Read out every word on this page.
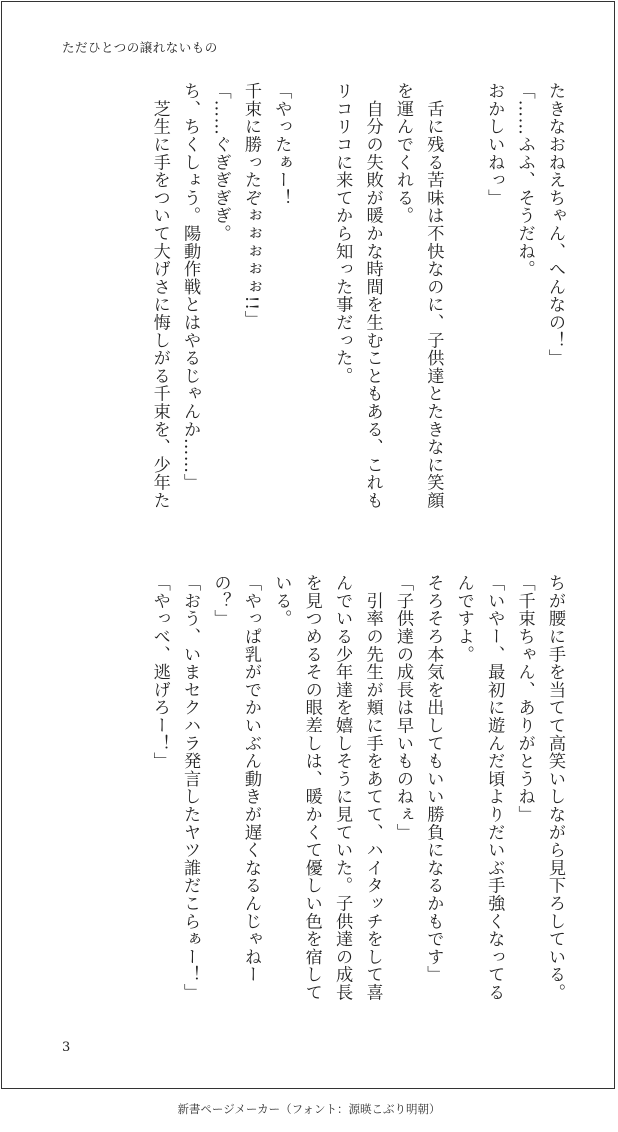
ただひとつの譲れないもの
たきなおねえちゃん、へんなの！」
「……ふふ、そうだね。
おかしいねっ」
　舌に残る苦味は不快なのに、子供達とたきなに笑顔
を運んでくれる。
　自分の失敗が暖かな時間を生むこともある、これも
リコリコに来てから知った事だった。
「やったぁー！
千束に勝ったぞぉぉぉぉぉ!!」
「……ぐぎぎぎぎ。
ち、ちくしょう。陽動作戦とはやるじゃんか……」
　芝生に手をついて大げさに悔しがる千束を、少年た
ちが腰に手を当てて高笑いしながら見下ろしている。
「千束ちゃん、ありがとうね」
「いやー、最初に遊んだ頃よりだいぶ手強くなってる
んですよ。
そろそろ本気を出してもいい勝負になるかもです」
「子供達の成長は早いものねぇ」
　引率の先生が頬に手をあてて、ハイタッチをして喜
んでいる少年達を嬉しそうに見ていた。子供達の成長
を見つめるその眼差しは、暖かくて優しい色を宿して
いる。
「やっぱ乳がでかいぶん動きが遅くなるんじゃねー
の？」
「おう、いまセクハラ発言したヤツ誰だこらぁー！」
「やっべ、逃げろー！」
3
新書ページメーカー（フォント：源暎こぶり明朝）
